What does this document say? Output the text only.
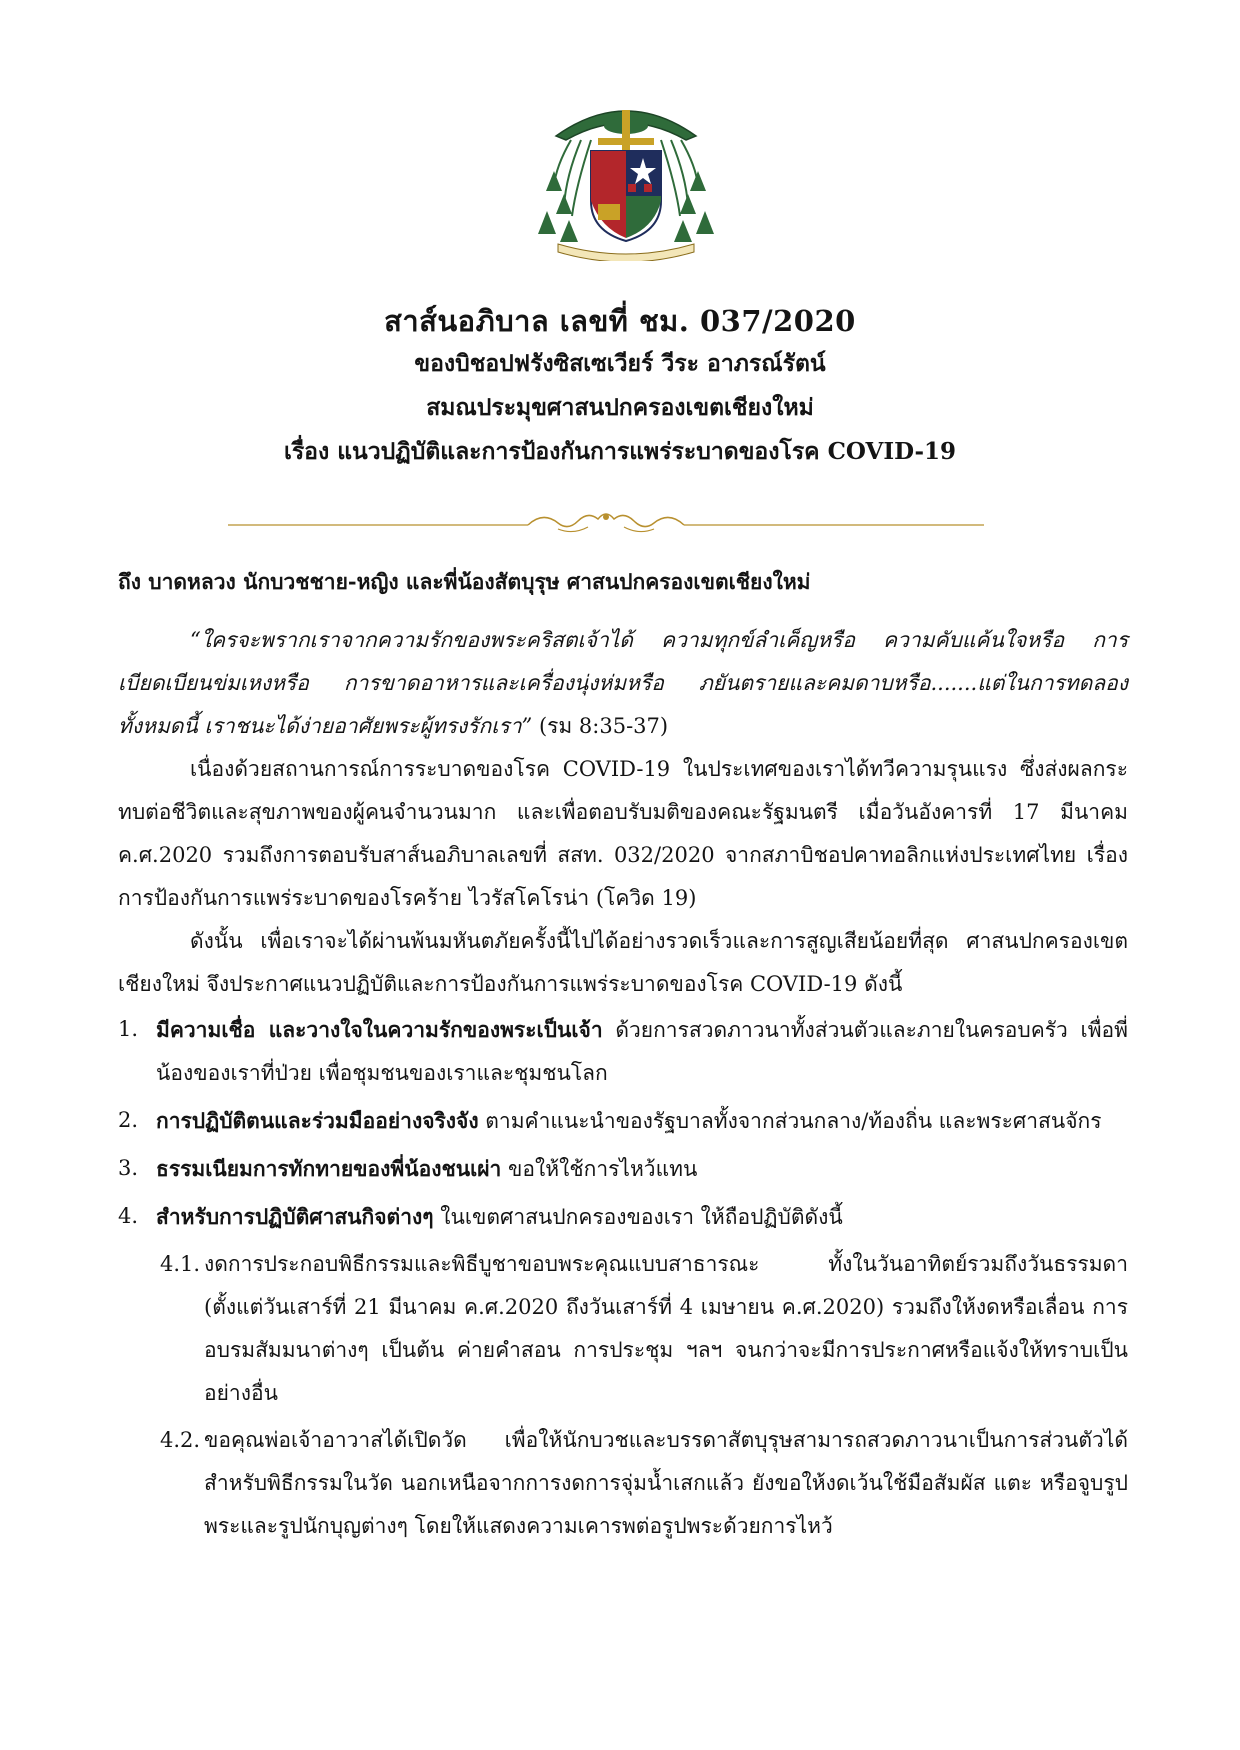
สาส์นอภิบาล เลขที่ ชม. 037/2020
ของบิชอปฟรังซิสเซเวียร์ วีระ อาภรณ์รัตน์
สมณประมุขศาสนปกครองเขตเชียงใหม่
เรื่อง แนวปฏิบัติและการป้องกันการแพร่ระบาดของโรค COVID-19

ถึง บาดหลวง นักบวชชาย-หญิง และพี่น้องสัตบุรุษ ศาสนปกครองเขตเชียงใหม่

“ใครจะพรากเราจากความรักของพระคริสตเจ้าได้ ความทุกข์ลำเค็ญหรือ ความคับแค้นใจหรือ การเบียดเบียนข่มเหงหรือ การขาดอาหารและเครื่องนุ่งห่มหรือ ภยันตรายและคมดาบหรือ.......แต่ในการทดลองทั้งหมดนี้ เราชนะได้ง่ายอาศัยพระผู้ทรงรักเรา” (รม 8:35-37)

เนื่องด้วยสถานการณ์การระบาดของโรค COVID-19 ในประเทศของเราได้ทวีความรุนแรง ซึ่งส่งผลกระทบต่อชีวิตและสุขภาพของผู้คนจำนวนมาก และเพื่อตอบรับมติของคณะรัฐมนตรี เมื่อวันอังคารที่ 17 มีนาคม ค.ศ.2020 รวมถึงการตอบรับสาส์นอภิบาลเลขที่ สสท. 032/2020 จากสภาบิชอปคาทอลิกแห่งประเทศไทย เรื่องการป้องกันการแพร่ระบาดของโรคร้าย ไวรัสโคโรน่า (โควิด 19)

ดังนั้น เพื่อเราจะได้ผ่านพ้นมหันตภัยครั้งนี้ไปได้อย่างรวดเร็วและการสูญเสียน้อยที่สุด ศาสนปกครองเขตเชียงใหม่ จึงประกาศแนวปฏิบัติและการป้องกันการแพร่ระบาดของโรค COVID-19 ดังนี้

1. มีความเชื่อ และวางใจในความรักของพระเป็นเจ้า ด้วยการสวดภาวนาทั้งส่วนตัวและภายในครอบครัว เพื่อพี่น้องของเราที่ป่วย เพื่อชุมชนของเราและชุมชนโลก
2. การปฏิบัติตนและร่วมมืออย่างจริงจัง ตามคำแนะนำของรัฐบาลทั้งจากส่วนกลาง/ท้องถิ่น และพระศาสนจักร
3. ธรรมเนียมการทักทายของพี่น้องชนเผ่า ขอให้ใช้การไหว้แทน
4. สำหรับการปฏิบัติศาสนกิจต่างๆ ในเขตศาสนปกครองของเรา ให้ถือปฏิบัติดังนี้
4.1. งดการประกอบพิธีกรรมและพิธีบูชาขอบพระคุณแบบสาธารณะ ทั้งในวันอาทิตย์รวมถึงวันธรรมดา (ตั้งแต่วันเสาร์ที่ 21 มีนาคม ค.ศ.2020 ถึงวันเสาร์ที่ 4 เมษายน ค.ศ.2020) รวมถึงให้งดหรือเลื่อน การอบรมสัมมนาต่างๆ เป็นต้น ค่ายคำสอน การประชุม ฯลฯ จนกว่าจะมีการประกาศหรือแจ้งให้ทราบเป็นอย่างอื่น
4.2. ขอคุณพ่อเจ้าอาวาสได้เปิดวัด เพื่อให้นักบวชและบรรดาสัตบุรุษสามารถสวดภาวนาเป็นการส่วนตัวได้ สำหรับพิธีกรรมในวัด นอกเหนือจากการงดการจุ่มน้ำเสกแล้ว ยังขอให้งดเว้นใช้มือสัมผัส แตะ หรือจูบรูปพระและรูปนักบุญต่างๆ โดยให้แสดงความเคารพต่อรูปพระด้วยการไหว้
